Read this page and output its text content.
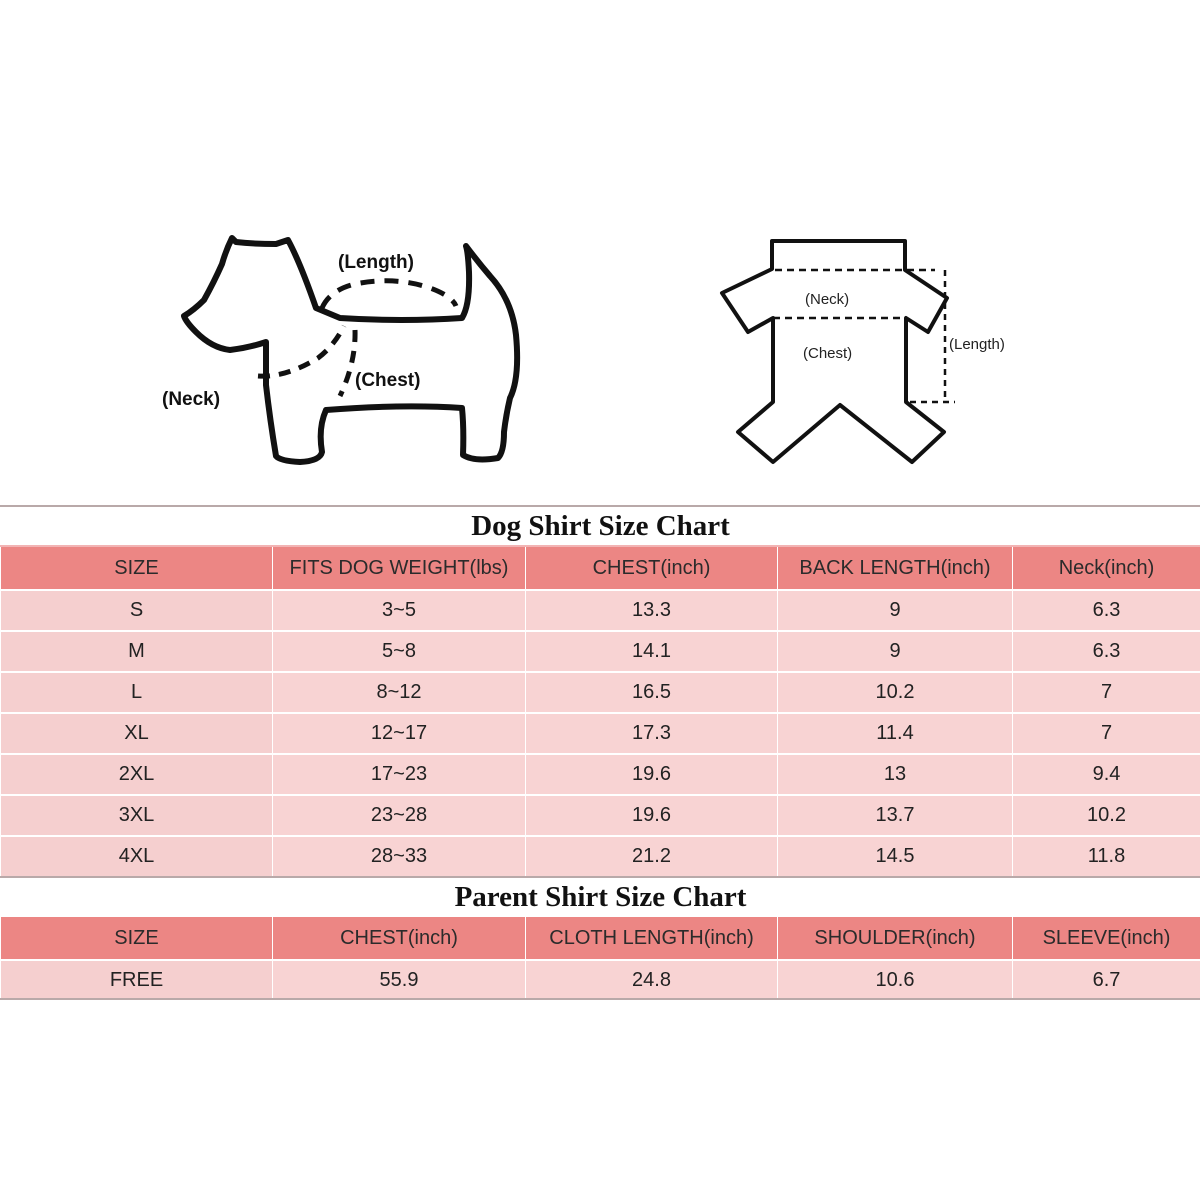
(Length)
(Neck)
(Chest)
(Neck)
(Chest)
(Length)
Dog Shirt Size Chart				
SIZE	FITS DOG WEIGHT(lbs)	CHEST(inch)	BACK LENGTH(inch)	Neck(inch)
S	3~5	13.3	9	6.3
M	5~8	14.1	9	6.3
L	8~12	16.5	10.2	7
XL	12~17	17.3	11.4	7
2XL	17~23	19.6	13	9.4
3XL	23~28	19.6	13.7	10.2
4XL	28~33	21.2	14.5	11.8
Parent Shirt Size Chart				
SIZE	CHEST(inch)	CLOTH LENGTH(inch)	SHOULDER(inch)	SLEEVE(inch)
FREE	55.9	24.8	10.6	6.7
